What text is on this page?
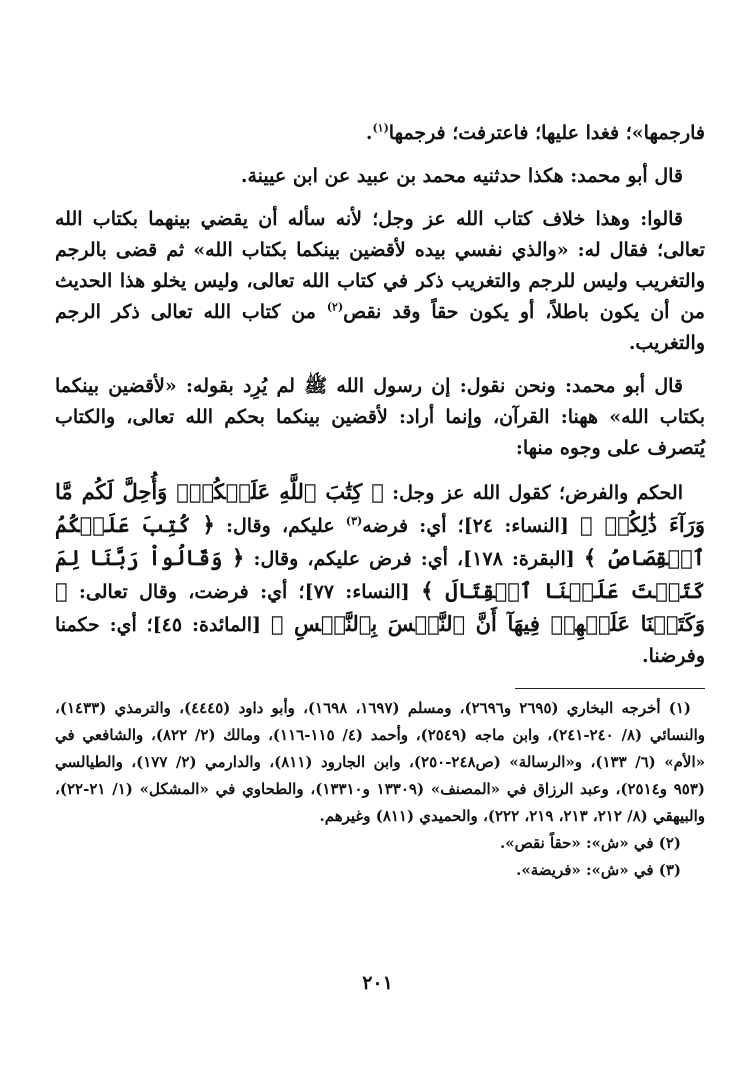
فارجمها»؛ فغدا عليها؛ فاعترفت؛ فرجمها$^{(١)}$.

قال أبو محمد: هكذا حدثنيه محمد بن عبيد عن ابن عيينة.

قالوا: وهذا خلاف كتاب الله عز وجل؛ لأنه سأله أن يقضي بينهما بكتاب الله تعالى؛ فقال له: «والذي نفسي بيده لأقضين بينكما بكتاب الله» ثم قضى بالرجم والتغريب وليس للرجم والتغريب ذكر في كتاب الله تعالى، وليس يخلو هذا الحديث من أن يكون باطلاً، أو يكون حقاً وقد نقص$^{(٢)}$ من كتاب الله تعالى ذكر الرجم والتغريب.

قال أبو محمد: ونحن نقول: إن رسول الله ﷺ لم يُرِد بقوله: «لأقضين بينكما بكتاب الله» ههنا: القرآن، وإنما أراد: لأقضين بينكما بحكم الله تعالى، والكتاب يُتصرف على وجوه منها:

الحكم والفرض؛ كقول الله عز وجل: ﴿ كِتَٰبَ ٱللَّهِ عَلَيۡكُمۡۚ وَأُحِلَّ لَكُم مَّا وَرَآءَ ذَٰلِكُمۡ ﴾ [النساء: ٢٤]؛ أي: فرضه$^{(٣)}$ عليكم، وقال: ﴿ كُتِبَ عَلَيۡكُمُ ٱلۡقِصَاصُ ﴾ [البقرة: ١٧٨]، أي: فرض عليكم، وقال: ﴿ وَقَالُواْ رَبَّنَا لِمَ كَتَبۡتَ عَلَيۡنَا ٱلۡقِتَالَ ﴾ [النساء: ٧٧]؛ أي: فرضت، وقال تعالى: ﴿ وَكَتَبۡنَا عَلَيۡهِمۡ فِيهَآ أَنَّ ٱلنَّفۡسَ بِٱلنَّفۡسِ ﴾ [المائدة: ٤٥]؛ أي: حكمنا وفرضنا.

(١) أخرجه البخاري (٢٦٩٥ و٢٦٩٦)، ومسلم (١٦٩٧، ١٦٩٨)، وأبو داود (٤٤٤٥)، والترمذي (١٤٣٣)، والنسائي (٨/ ٢٤٠-٢٤١)، وابن ماجه (٢٥٤٩)، وأحمد (٤/ ١١٥-١١٦)، ومالك (٢/ ٨٢٢)، والشافعي في «الأم» (٦/ ١٣٣)، و«الرسالة» (ص٢٤٨-٢٥٠)، وابن الجارود (٨١١)، والدارمي (٢/ ١٧٧)، والطيالسي (٩٥٣ و٢٥١٤)، وعبد الرزاق في «المصنف» (١٣٣٠٩ و١٣٣١٠)، والطحاوي في «المشكل» (١/ ٢١-٢٢)، والبيهقي (٨/ ٢١٢، ٢١٣، ٢١٩، ٢٢٢)، والحميدي (٨١١) وغيرهم.

(٢) في «ش»: «حقاً نقص».

(٣) في «ش»: «فريضة».

٢٠١
